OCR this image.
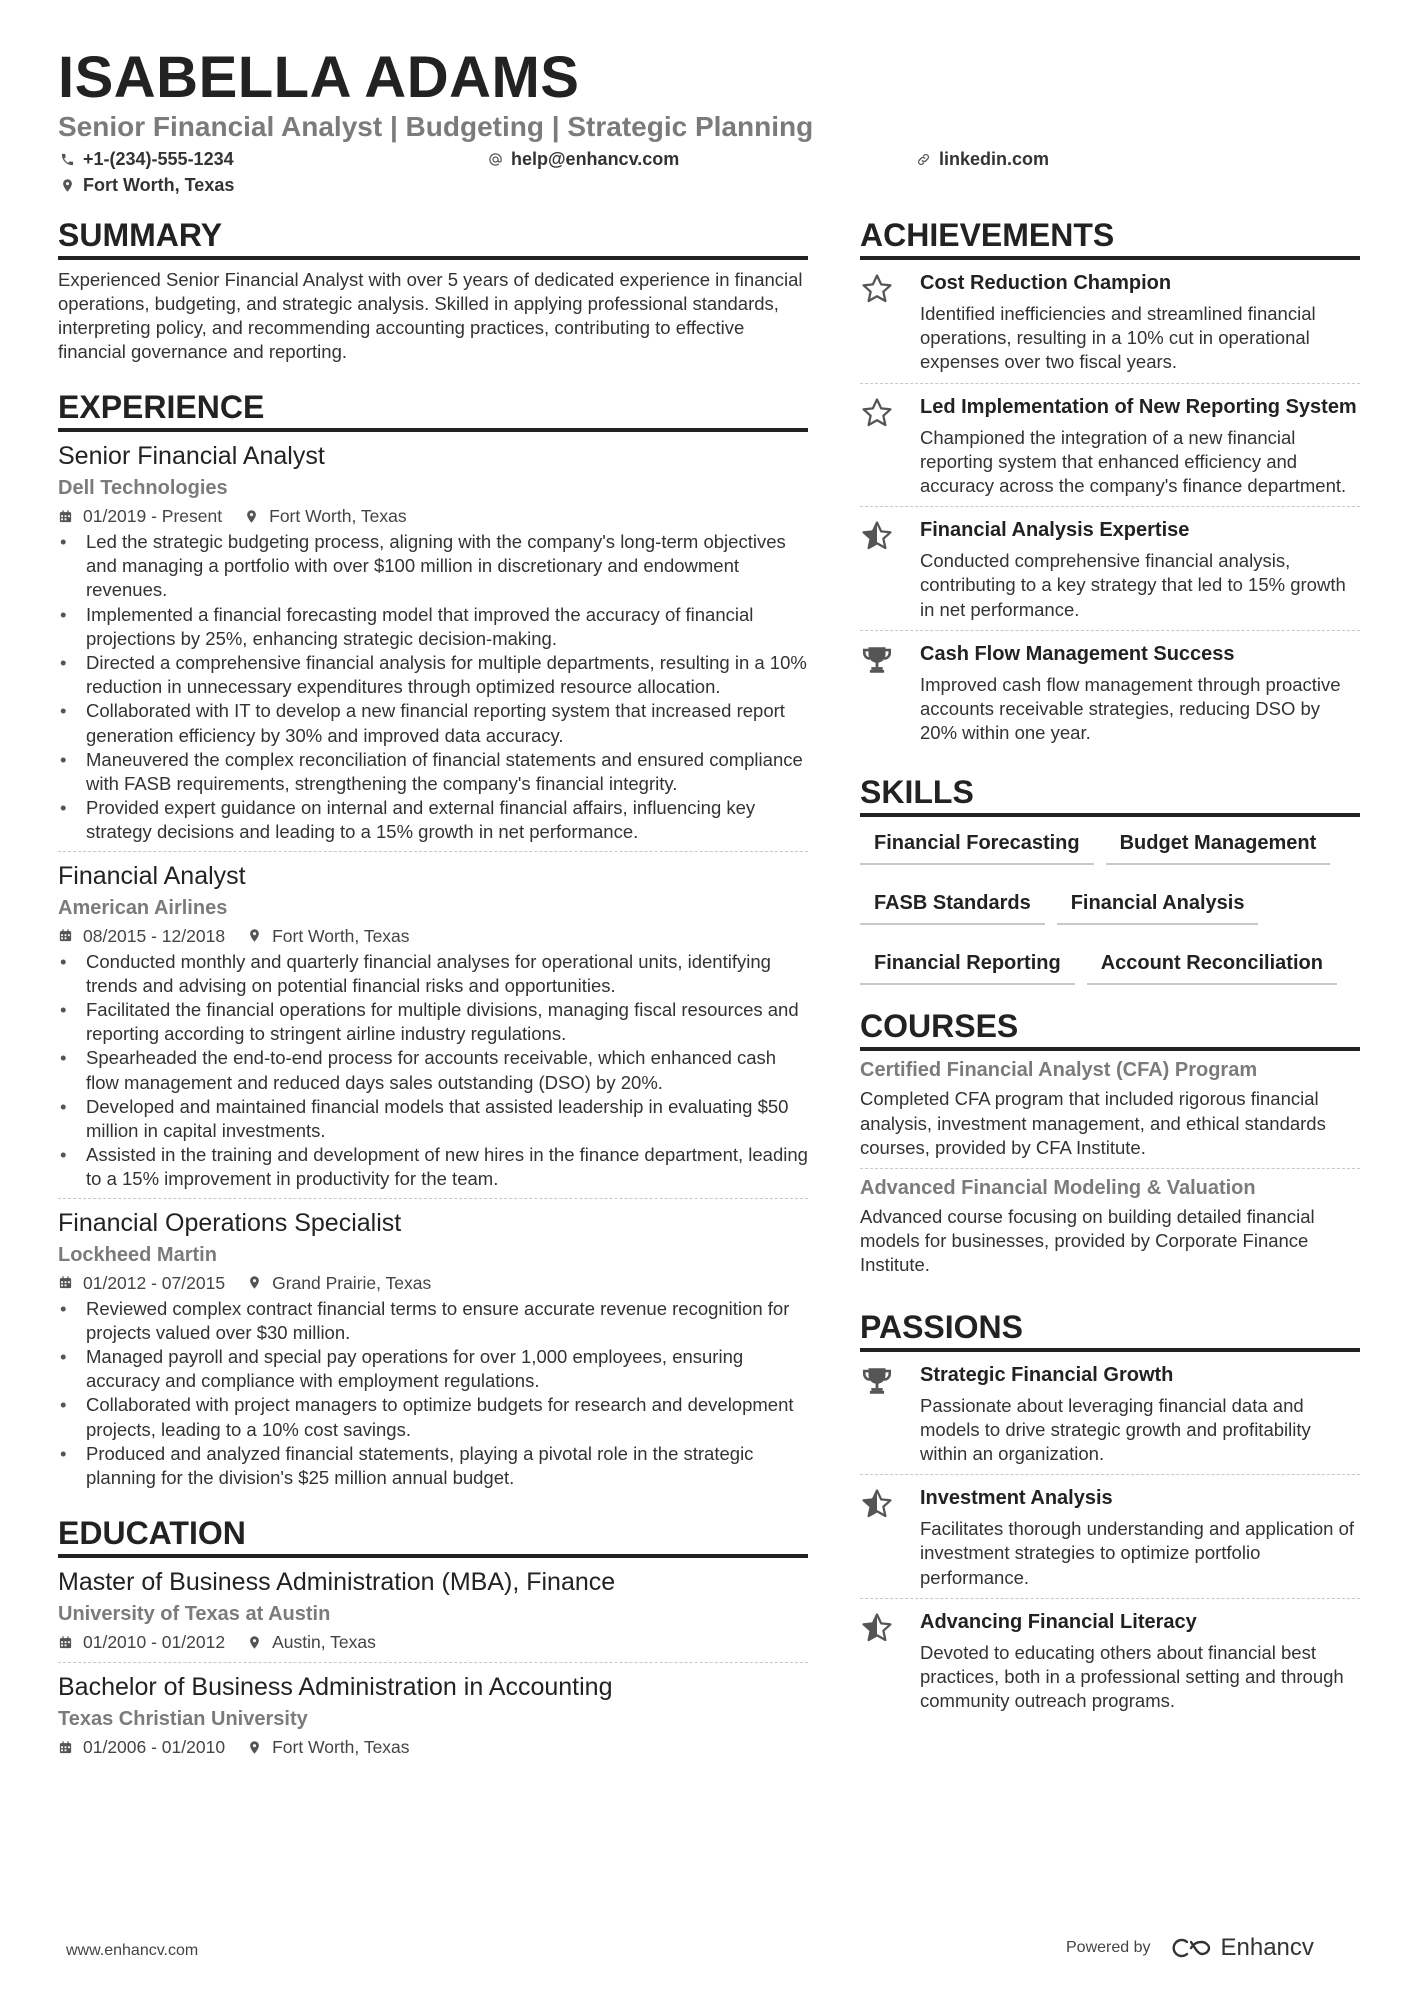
ISABELLA ADAMS
Senior Financial Analyst | Budgeting | Strategic Planning
+1-(234)-555-1234	help@enhancv.com	linkedin.com
Fort Worth, Texas
SUMMARY
Experienced Senior Financial Analyst with over 5 years of dedicated experience in financial operations, budgeting, and strategic analysis. Skilled in applying professional standards, interpreting policy, and recommending accounting practices, contributing to effective financial governance and reporting.
EXPERIENCE
Senior Financial Analyst
Dell Technologies
01/2019 - Present	Fort Worth, Texas
• Led the strategic budgeting process, aligning with the company's long-term objectives and managing a portfolio with over $100 million in discretionary and endowment revenues.
• Implemented a financial forecasting model that improved the accuracy of financial projections by 25%, enhancing strategic decision-making.
• Directed a comprehensive financial analysis for multiple departments, resulting in a 10% reduction in unnecessary expenditures through optimized resource allocation.
• Collaborated with IT to develop a new financial reporting system that increased report generation efficiency by 30% and improved data accuracy.
• Maneuvered the complex reconciliation of financial statements and ensured compliance with FASB requirements, strengthening the company's financial integrity.
• Provided expert guidance on internal and external financial affairs, influencing key strategy decisions and leading to a 15% growth in net performance.
Financial Analyst
American Airlines
08/2015 - 12/2018	Fort Worth, Texas
• Conducted monthly and quarterly financial analyses for operational units, identifying trends and advising on potential financial risks and opportunities.
• Facilitated the financial operations for multiple divisions, managing fiscal resources and reporting according to stringent airline industry regulations.
• Spearheaded the end-to-end process for accounts receivable, which enhanced cash flow management and reduced days sales outstanding (DSO) by 20%.
• Developed and maintained financial models that assisted leadership in evaluating $50 million in capital investments.
• Assisted in the training and development of new hires in the finance department, leading to a 15% improvement in productivity for the team.
Financial Operations Specialist
Lockheed Martin
01/2012 - 07/2015	Grand Prairie, Texas
• Reviewed complex contract financial terms to ensure accurate revenue recognition for projects valued over $30 million.
• Managed payroll and special pay operations for over 1,000 employees, ensuring accuracy and compliance with employment regulations.
• Collaborated with project managers to optimize budgets for research and development projects, leading to a 10% cost savings.
• Produced and analyzed financial statements, playing a pivotal role in the strategic planning for the division's $25 million annual budget.
EDUCATION
Master of Business Administration (MBA), Finance
University of Texas at Austin
01/2010 - 01/2012	Austin, Texas
Bachelor of Business Administration in Accounting
Texas Christian University
01/2006 - 01/2010	Fort Worth, Texas
ACHIEVEMENTS
Cost Reduction Champion
Identified inefficiencies and streamlined financial operations, resulting in a 10% cut in operational expenses over two fiscal years.
Led Implementation of New Reporting System
Championed the integration of a new financial reporting system that enhanced efficiency and accuracy across the company's finance department.
Financial Analysis Expertise
Conducted comprehensive financial analysis, contributing to a key strategy that led to 15% growth in net performance.
Cash Flow Management Success
Improved cash flow management through proactive accounts receivable strategies, reducing DSO by 20% within one year.
SKILLS
Financial Forecasting	Budget Management
FASB Standards	Financial Analysis
Financial Reporting	Account Reconciliation
COURSES
Certified Financial Analyst (CFA) Program
Completed CFA program that included rigorous financial analysis, investment management, and ethical standards courses, provided by CFA Institute.
Advanced Financial Modeling & Valuation
Advanced course focusing on building detailed financial models for businesses, provided by Corporate Finance Institute.
PASSIONS
Strategic Financial Growth
Passionate about leveraging financial data and models to drive strategic growth and profitability within an organization.
Investment Analysis
Facilitates thorough understanding and application of investment strategies to optimize portfolio performance.
Advancing Financial Literacy
Devoted to educating others about financial best practices, both in a professional setting and through community outreach programs.
www.enhancv.com	Powered by	Enhancv
